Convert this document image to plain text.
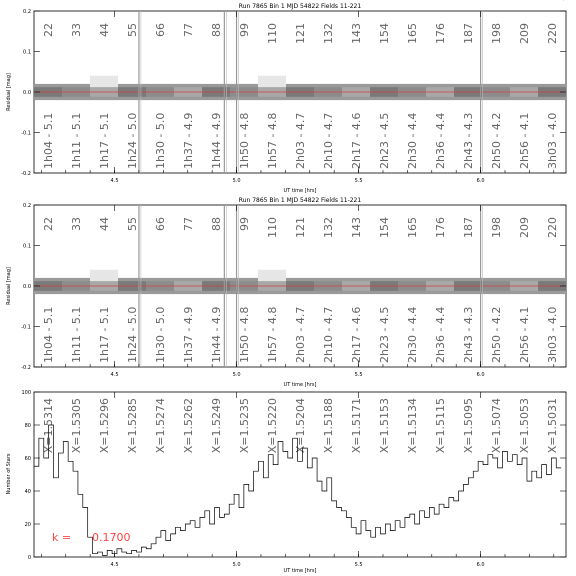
Run 7865 Bin 1 MJD 54822 Fields 11-221
22
1h04 - 5.1
33
1h11 - 5.1
44
1h17 - 5.1
55
1h24 - 5.0
66
1h30 - 5.0
77
1h37 - 4.9
88
1h44 - 4.9
99
1h50 - 4.8
110
1h57 - 4.8
121
2h03 - 4.7
132
2h10 - 4.7
143
2h17 - 4.6
154
2h23 - 4.5
165
2h30 - 4.4
176
2h36 - 4.4
187
2h43 - 4.3
198
2h50 - 4.2
209
2h56 - 4.1
220
3h03 - 4.0
-0.2
-0.1
0.0
0.1
0.2
4.5	5.0	5.5	6.0
UT time [hrs]
Residual [mag]
Run 7865 Bin 1 MJD 54822 Fields 11-221
22
1h04 - 5.1
33
1h11 - 5.1
44
1h17 - 5.1
55
1h24 - 5.0
66
1h30 - 5.0
77
1h37 - 4.9
88
1h44 - 4.9
99
1h50 - 4.8
110
1h57 - 4.8
121
2h03 - 4.7
132
2h10 - 4.7
143
2h17 - 4.6
154
2h23 - 4.5
165
2h30 - 4.4
176
2h36 - 4.4
187
2h43 - 4.3
198
2h50 - 4.2
209
2h56 - 4.1
220
3h03 - 4.0
-0.2
-0.1
0.0
0.1
0.2
4.5	5.0	5.5	6.0
UT time [hrs]
Residual [mag]
X=1.5314 X=1.5305 X=1.5296 X=1.5285 X=1.5274 X=1.5262 X=1.5249 X=1.5235 X=1.5220 X=1.5204 X=1.5188 X=1.5171 X=1.5153 X=1.5134 X=1.5115 X=1.5095 X=1.5074 X=1.5053 X=1.5031
0
20
40
60
80
100
4.5	5.0	5.5	6.0
k = 0.1700
UT time [hrs]
Number of Stars
